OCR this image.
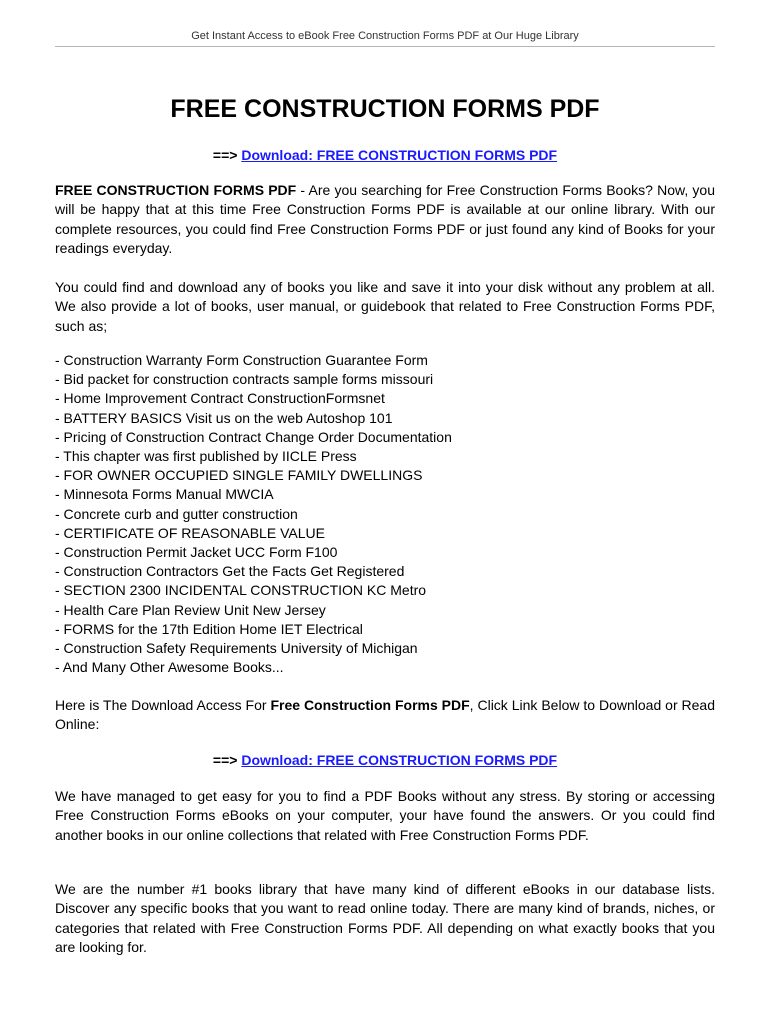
Get Instant Access to eBook Free Construction Forms PDF at Our Huge Library
FREE CONSTRUCTION FORMS PDF
==> Download: FREE CONSTRUCTION FORMS PDF

FREE CONSTRUCTION FORMS PDF - Are you searching for Free Construction Forms Books? Now, you will be happy that at this time Free Construction Forms PDF is available at our online library. With our complete resources, you could find Free Construction Forms PDF or just found any kind of Books for your readings everyday.

You could find and download any of books you like and save it into your disk without any problem at all. We also provide a lot of books, user manual, or guidebook that related to Free Construction Forms PDF, such as;

- Construction Warranty Form Construction Guarantee Form
- Bid packet for construction contracts sample forms missouri
- Home Improvement Contract ConstructionFormsnet
- BATTERY BASICS Visit us on the web Autoshop 101
- Pricing of Construction Contract Change Order Documentation
- This chapter was first published by IICLE Press
- FOR OWNER OCCUPIED SINGLE FAMILY DWELLINGS
- Minnesota Forms Manual MWCIA
- Concrete curb and gutter construction
- CERTIFICATE OF REASONABLE VALUE
- Construction Permit Jacket UCC Form F100
- Construction Contractors Get the Facts Get Registered
- SECTION 2300 INCIDENTAL CONSTRUCTION KC Metro
- Health Care Plan Review Unit New Jersey
- FORMS for the 17th Edition Home IET Electrical
- Construction Safety Requirements University of Michigan
- And Many Other Awesome Books...

Here is The Download Access For Free Construction Forms PDF, Click Link Below to Download or Read Online:

==> Download: FREE CONSTRUCTION FORMS PDF

We have managed to get easy for you to find a PDF Books without any stress. By storing or accessing Free Construction Forms eBooks on your computer, your have found the answers. Or you could find another books in our online collections that related with Free Construction Forms PDF.

We are the number #1 books library that have many kind of different eBooks in our database lists. Discover any specific books that you want to read online today. There are many kind of brands, niches, or categories that related with Free Construction Forms PDF. All depending on what exactly books that you are looking for.
